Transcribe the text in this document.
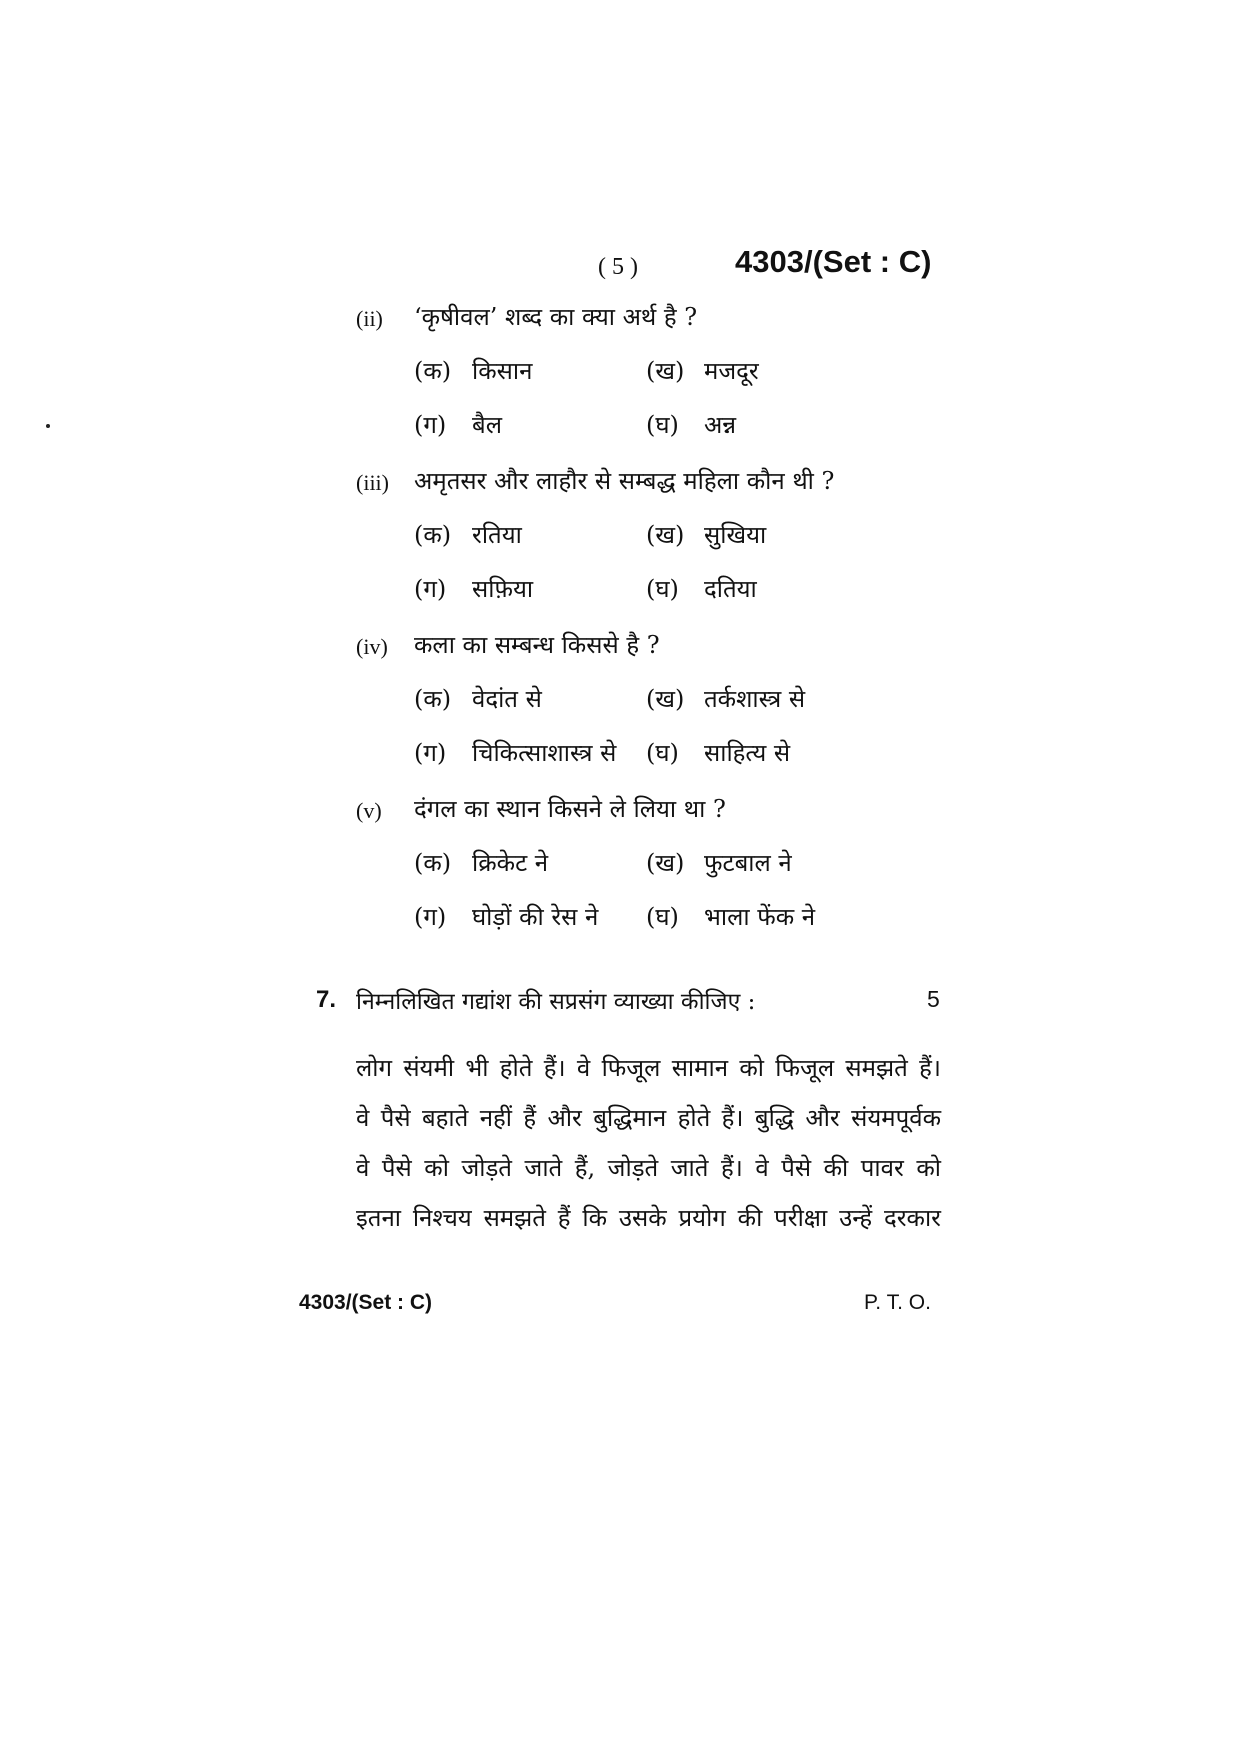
( 5 )	4303/(Set : C)
(ii) ‘कृषीवल’ शब्द का क्या अर्थ है ?
(क) किसान	(ख) मजदूर
(ग) बैल	(घ) अन्न
(iii) अमृतसर और लाहौर से सम्बद्ध महिला कौन थी ?
(क) रतिया	(ख) सुखिया
(ग) सफ़िया	(घ) दतिया
(iv) कला का सम्बन्ध किससे है ?
(क) वेदांत से	(ख) तर्कशास्त्र से
(ग) चिकित्साशास्त्र से (घ) साहित्य से
(v) दंगल का स्थान किसने ले लिया था ?
(क) क्रिकेट ने	(ख) फुटबाल ने
(ग) घोड़ों की रेस ने (घ) भाला फेंक ने
7. निम्नलिखित गद्यांश की सप्रसंग व्याख्या कीजिए :	5
लोग संयमी भी होते हैं। वे फिजूल सामान को फिजूल समझते हैं।
वे पैसे बहाते नहीं हैं और बुद्धिमान होते हैं। बुद्धि और संयमपूर्वक
वे पैसे को जोड़ते जाते हैं, जोड़ते जाते हैं। वे पैसे की पावर को
इतना निश्चय समझते हैं कि उसके प्रयोग की परीक्षा उन्हें दरकार
4303/(Set : C)	P. T. O.
